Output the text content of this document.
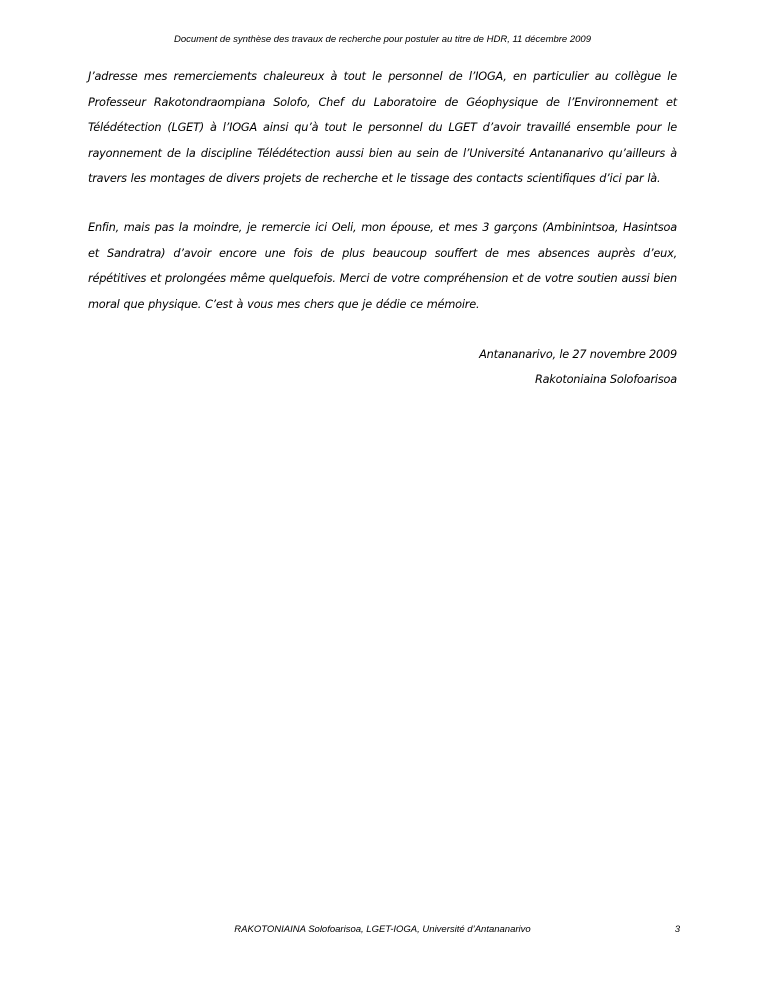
Document de synthèse des travaux de recherche pour postuler au titre de HDR, 11 décembre 2009

J’adresse mes remerciements chaleureux à tout le personnel de l’IOGA, en particulier au collègue le Professeur Rakotondraompiana Solofo, Chef du Laboratoire de Géophysique de l’Environnement et Télédétection (LGET) à l’IOGA ainsi qu’à tout le personnel du LGET d’avoir travaillé ensemble pour le rayonnement de la discipline Télédétection aussi bien au sein de l’Université Antananarivo qu’ailleurs à travers les montages de divers projets de recherche et le tissage des contacts scientifiques d’ici par là.

Enfin, mais pas la moindre, je remercie ici Oeli, mon épouse, et mes 3 garçons (Ambinintsoa, Hasintsoa et Sandratra) d’avoir encore une fois de plus beaucoup souffert de mes absences auprès d’eux, répétitives et prolongées même quelquefois. Merci de votre compréhension et de votre soutien aussi bien moral que physique. C’est à vous mes chers que je dédie ce mémoire.

Antananarivo, le 27 novembre 2009
Rakotoniaina Solofoarisoa
RAKOTONIAINA Solofoarisoa, LGET-IOGA, Université d’Antananarivo	3
